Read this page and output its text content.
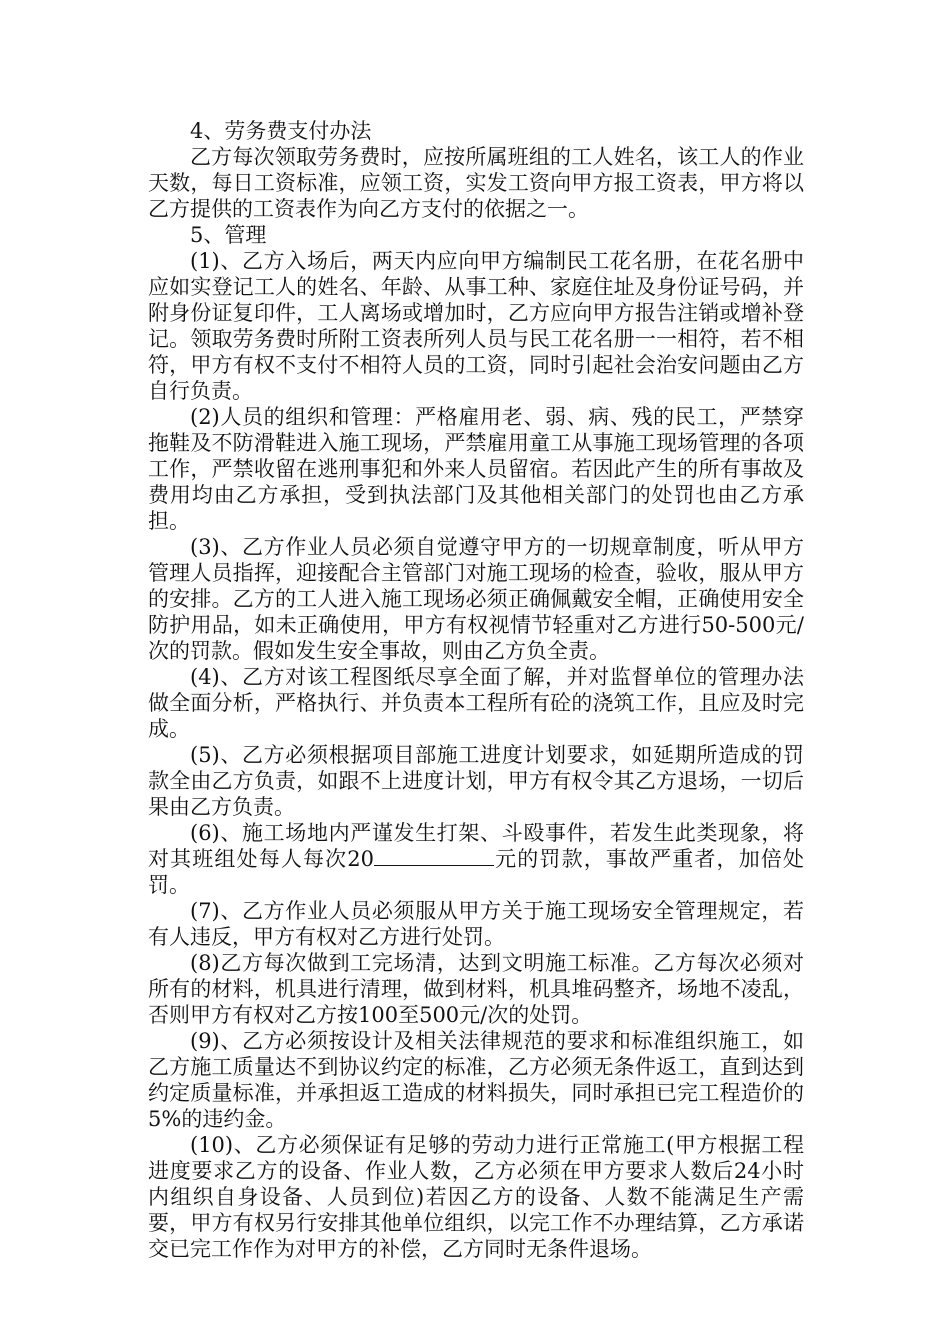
4、劳务费支付办法

乙方每次领取劳务费时，应按所属班组的工人姓名，该工人的作业天数，每日工资标准，应领工资，实发工资向甲方报工资表，甲方将以乙方提供的工资表作为向乙方支付的依据之一。

5、管理

(1)、乙方入场后，两天内应向甲方编制民工花名册，在花名册中应如实登记工人的姓名、年龄、从事工种、家庭住址及身份证号码，并附身份证复印件，工人离场或增加时，乙方应向甲方报告注销或增补登记。领取劳务费时所附工资表所列人员与民工花名册一一相符，若不相符，甲方有权不支付不相符人员的工资，同时引起社会治安问题由乙方自行负责。

(2)人员的组织和管理：严格雇用老、弱、病、残的民工，严禁穿拖鞋及不防滑鞋进入施工现场，严禁雇用童工从事施工现场管理的各项工作，严禁收留在逃刑事犯和外来人员留宿。若因此产生的所有事故及费用均由乙方承担，受到执法部门及其他相关部门的处罚也由乙方承担。

(3)、乙方作业人员必须自觉遵守甲方的一切规章制度，听从甲方管理人员指挥，迎接配合主管部门对施工现场的检查，验收，服从甲方的安排。乙方的工人进入施工现场必须正确佩戴安全帽，正确使用安全防护用品，如未正确使用，甲方有权视情节轻重对乙方进行50-500元/次的罚款。假如发生安全事故，则由乙方负全责。

(4)、乙方对该工程图纸尽享全面了解，并对监督单位的管理办法做全面分析，严格执行、并负责本工程所有砼的浇筑工作，且应及时完成。

(5)、乙方必须根据项目部施工进度计划要求，如延期所造成的罚款全由乙方负责，如跟不上进度计划，甲方有权令其乙方退场，一切后果由乙方负责。

(6)、施工场地内严谨发生打架、斗殴事件，若发生此类现象，将对其班组处每人每次20	元的罚款，事故严重者，加倍处罚。

(7)、乙方作业人员必须服从甲方关于施工现场安全管理规定，若有人违反，甲方有权对乙方进行处罚。

(8)乙方每次做到工完场清，达到文明施工标准。乙方每次必须对所有的材料，机具进行清理，做到材料，机具堆码整齐，场地不凌乱，否则甲方有权对乙方按100至500元/次的处罚。

(9)、乙方必须按设计及相关法律规范的要求和标准组织施工，如乙方施工质量达不到协议约定的标准，乙方必须无条件返工，直到达到约定质量标准，并承担返工造成的材料损失，同时承担已完工程造价的5%的违约金。

(10)、乙方必须保证有足够的劳动力进行正常施工(甲方根据工程进度要求乙方的设备、作业人数，乙方必须在甲方要求人数后24小时内组织自身设备、人员到位)若因乙方的设备、人数不能满足生产需要，甲方有权另行安排其他单位组织，以完工作不办理结算，乙方承诺交已完工作作为对甲方的补偿，乙方同时无条件退场。
